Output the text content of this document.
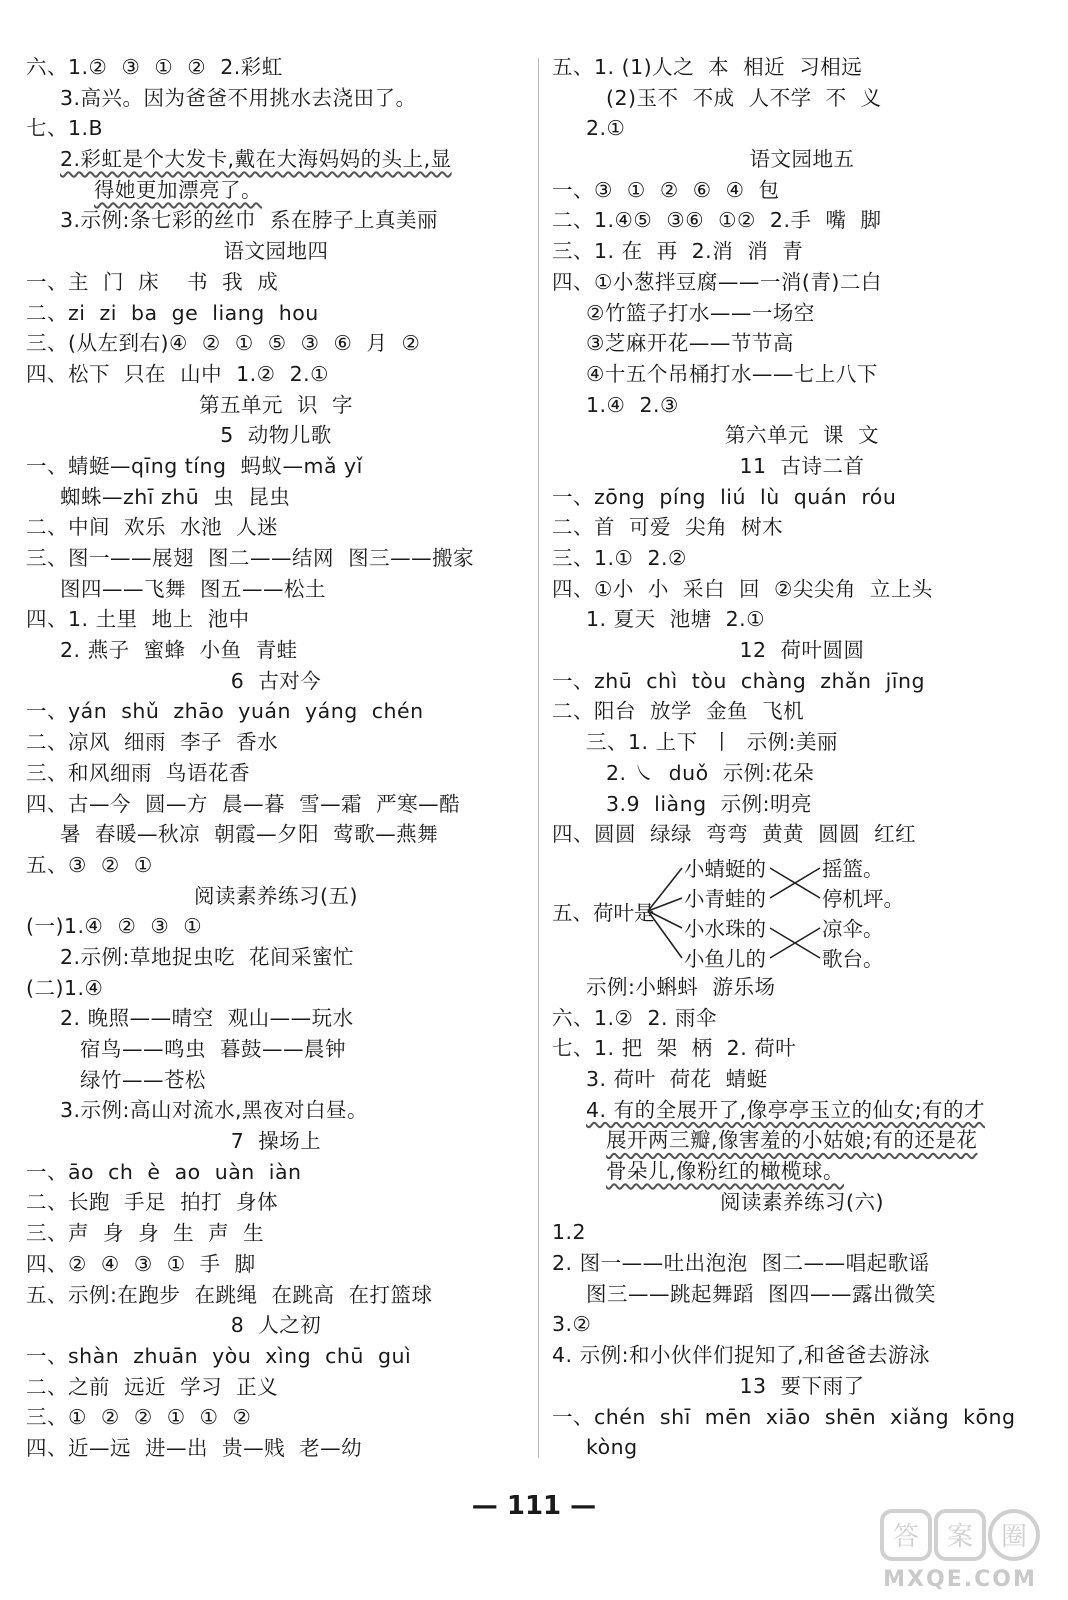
六、1.②  ③  ①  ②  2.彩虹
3.高兴。因为爸爸不用挑水去浇田了。
七、1.B
2.彩虹是个大发卡,戴在大海妈妈的头上,显
得她更加漂亮了。
3.示例:条七彩的丝巾  系在脖子上真美丽
语文园地四
一、主  门  床    书  我  成
二、zi  zi  ba  ge  liang  hou
三、(从左到右)④  ②  ①  ⑤  ③  ⑥  月  ②
四、松下  只在  山中  1.②  2.①
第五单元  识  字
5  动物儿歌
一、蜻蜓—qīng tíng  蚂蚁—mǎ yǐ
蜘蛛—zhī zhū  虫  昆虫
二、中间  欢乐  水池  人迷
三、图一——展翅  图二——结网  图三——搬家
图四——飞舞  图五——松土
四、1. 土里  地上  池中
2. 燕子  蜜蜂  小鱼  青蛙
6  古对今
一、yán  shǔ  zhāo  yuán  yáng  chén
二、凉风  细雨  李子  香水
三、和风细雨  鸟语花香
四、古—今  圆—方  晨—暮  雪—霜  严寒—酷
暑  春暖—秋凉  朝霞—夕阳  莺歌—燕舞
五、③  ②  ①
阅读素养练习(五)
(一)1.④  ②  ③  ①
2.示例:草地捉虫吃  花间采蜜忙
(二)1.④
2. 晚照——晴空  观山——玩水
宿鸟——鸣虫  暮鼓——晨钟
绿竹——苍松
3.示例:高山对流水,黑夜对白昼。
7  操场上
一、āo  ch  è  ao  uàn  iàn
二、长跑  手足  拍打  身体
三、声  身  身  生  声  生
四、②  ④  ③  ①  手  脚
五、示例:在跑步  在跳绳  在跳高  在打篮球
8  人之初
一、shàn  zhuān  yòu  xìng  chū  guì
二、之前  远近  学习  正义
三、①  ②  ②  ①  ①  ②
四、近—远  进—出  贵—贱  老—幼
五、1. (1)人之  本  相近  习相远
(2)玉不  不成  人不学  不  义
2.①
语文园地五
一、③  ①  ②  ⑥  ④  包
二、1.④⑤  ③⑥  ①②  2.手  嘴  脚
三、1. 在  再  2.消  消  青
四、①小葱拌豆腐——一消(青)二白
②竹篮子打水——一场空
③芝麻开花——节节高
④十五个吊桶打水——七上八下
1.④  2.③
第六单元  课  文
11  古诗二首
一、zōng  píng  liú  lù  quán  róu
二、首  可爱  尖角  树木
三、1.①  2.②
四、①小  小  采白  回  ②尖尖角  立上头
1. 夏天  池塘  2.①
12  荷叶圆圆
一、zhū  chì  tòu  chàng  zhǎn  jīng
二、阳台  放学  金鱼  飞机
三、1. 上下  丨  示例:美丽
2. ㇏  duǒ  示例:花朵
3.9  liàng  示例:明亮
四、圆圆  绿绿  弯弯  黄黄  圆圆  红红
五、荷叶是
小蜻蜓的
小青蛙的
小水珠的
小鱼儿的
摇篮。
停机坪。
凉伞。
歌台。
示例:小蝌蚪  游乐场
六、1.②  2. 雨伞
七、1. 把  架  柄  2. 荷叶
3. 荷叶  荷花  蜻蜓
4. 有的全展开了,像亭亭玉立的仙女;有的才
展开两三瓣,像害羞的小姑娘;有的还是花
骨朵儿,像粉红的橄榄球。
阅读素养练习(六)
1.2
2. 图一——吐出泡泡  图二——唱起歌谣
图三——跳起舞蹈  图四——露出微笑
3.②
4. 示例:和小伙伴们捉知了,和爸爸去游泳
13  要下雨了
一、chén  shī  mēn  xiāo  shēn  xiǎng  kōng
kòng
— 111 —
答 案 圈
MXQE.COM
